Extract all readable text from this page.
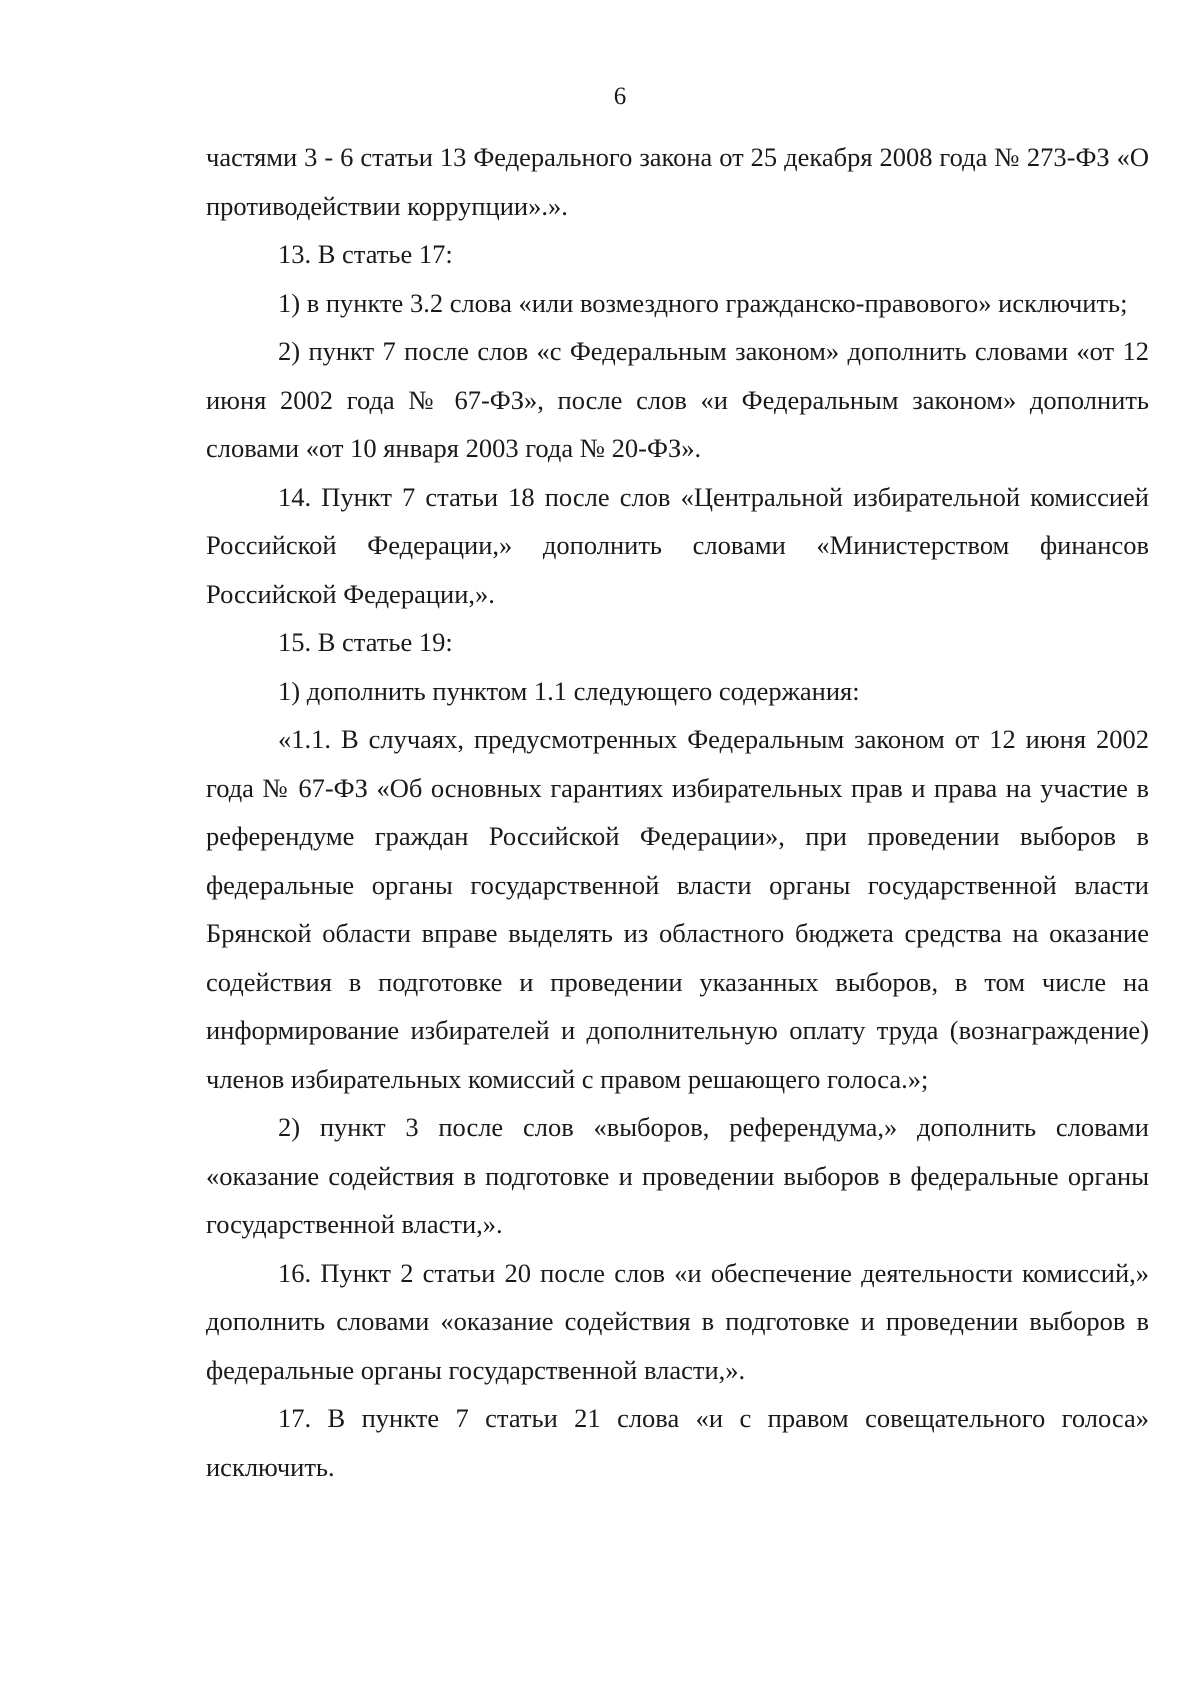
6

частями 3 - 6 статьи 13 Федерального закона от 25 декабря 2008 года № 273-ФЗ «О противодействии коррупции».».

13. В статье 17:

1) в пункте 3.2 слова «или возмездного гражданско-правового» исключить;

2) пункт 7 после слов «с Федеральным законом» дополнить словами «от 12 июня 2002 года № 67-ФЗ», после слов «и Федеральным законом» дополнить словами «от 10 января 2003 года № 20-ФЗ».

14. Пункт 7 статьи 18 после слов «Центральной избирательной комиссией Российской Федерации,» дополнить словами «Министерством финансов Российской Федерации,».

15. В статье 19:

1) дополнить пунктом 1.1 следующего содержания:

«1.1. В случаях, предусмотренных Федеральным законом от 12 июня 2002 года № 67-ФЗ «Об основных гарантиях избирательных прав и права на участие в референдуме граждан Российской Федерации», при проведении выборов в федеральные органы государственной власти органы государственной власти Брянской области вправе выделять из областного бюджета средства на оказание содействия в подготовке и проведении указанных выборов, в том числе на информирование избирателей и дополнительную оплату труда (вознаграждение) членов избирательных комиссий с правом решающего голоса.»;

2) пункт 3 после слов «выборов, референдума,» дополнить словами «оказание содействия в подготовке и проведении выборов в федеральные органы государственной власти,».

16. Пункт 2 статьи 20 после слов «и обеспечение деятельности комиссий,» дополнить словами «оказание содействия в подготовке и проведении выборов в федеральные органы государственной власти,».

17. В пункте 7 статьи 21 слова «и с правом совещательного голоса» исключить.
